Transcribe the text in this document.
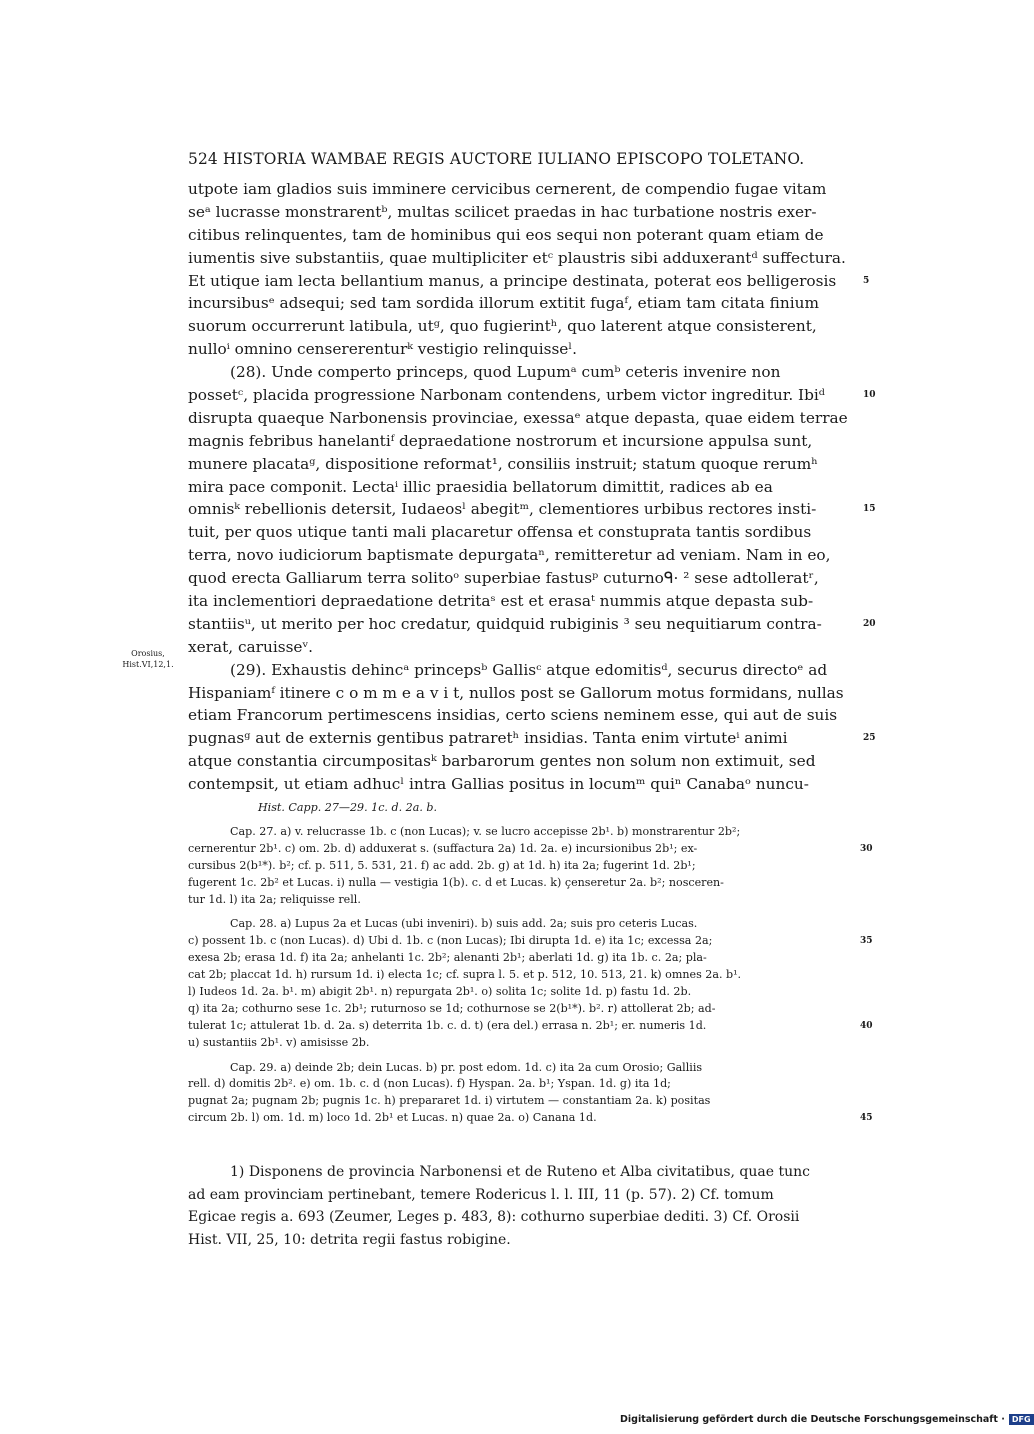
524 HISTORIA WAMBAE REGIS AUCTORE IULIANO EPISCOPO TOLETANO.
utpote iam gladios suis imminere cervicibus cernerent, de compendio fugae vitam
seᵃ lucrasse monstrarentᵇ, multas scilicet praedas in hac turbatione nostris exer-
citibus relinquentes, tam de hominibus qui eos sequi non poterant quam etiam de
iumentis sive substantiis, quae multipliciter etᶜ plaustris sibi adduxerantᵈ suffectura.
Et utique iam lecta bellantium manus, a principe destinata, poterat eos belligerosis	5
incursibusᵉ adsequi; sed tam sordida illorum extitit fugaᶠ, etiam tam citata finium
suorum occurrerunt latibula, utᵍ, quo fugierintʰ, quo laterent atque consisterent,
nulloⁱ omnino censererenturᵏ vestigio relinquisseˡ.
(28). Unde comperto princeps, quod Lupumᵃ cumᵇ ceteris invenire non
possetᶜ, placida progressione Narbonam contendens, urbem victor ingreditur. Ibiᵈ	10
disrupta quaeque Narbonensis provinciae, exessaᵉ atque depasta, quae eidem terrae
magnis febribus hanelantiᶠ depraedatione nostrorum et incursione appulsa sunt,
munere placataᵍ, dispositione reformat¹, consiliis instruit; statum quoque rerumʰ
mira pace componit. Lectaⁱ illic praesidia bellatorum dimittit, radices ab ea
omnisᵏ rebellionis detersit, Iudaeosˡ abegitᵐ, clementiores urbibus rectores insti-	15
tuit, per quos utique tanti mali placaretur offensa et constuprata tantis sordibus
terra, novo iudiciorum baptismate depurgataⁿ, remitteretur ad veniam. Nam in eo,
quod erecta Galliarum terra solitoᵒ superbiae fastusᵖ cuturnoᑫ· ² sese adtolleratʳ,
ita inclementiori depraedatione detritaˢ est et erasaᵗ nummis atque depasta sub-
stantiisᵘ, ut merito per hoc credatur, quidquid rubiginis ³ seu nequitiarum contra-	20
xerat, caruisseᵛ.
(29). Exhaustis dehincᵃ princepsᵇ Gallisᶜ atque edomitisᵈ, securus directoᵉ ad
Hispaniamᶠ itinere c o m m e a v i t, nullos post se Gallorum motus formidans, nullas
etiam Francorum pertimescens insidias, certo sciens neminem esse, qui aut de suis
pugnasᵍ aut de externis gentibus patraretʰ insidias. Tanta enim virtuteⁱ animi	25
atque constantia circumpositasᵏ barbarorum gentes non solum non extimuit, sed
contempsit, ut etiam adhucˡ intra Gallias positus in locumᵐ quiⁿ Canabaᵒ nuncu-
Orosius,
Hist.VI,12,1.
Hist. Capp. 27—29. 1c. d. 2a. b.
Cap. 27. a) v. relucrasse 1b. c (non Lucas); v. se lucro accepisse 2b¹. b) monstrarentur 2b²;
cernerentur 2b¹. c) om. 2b. d) adduxerat s. (suffactura 2a) 1d. 2a. e) incursionibus 2b¹; ex-	30
cursibus 2(b¹*). b²; cf. p. 511, 5. 531, 21. f) ac add. 2b. g) at 1d. h) ita 2a; fugerint 1d. 2b¹;
fugerent 1c. 2b² et Lucas. i) nulla — vestigia 1(b). c. d et Lucas. k) çenseretur 2a. b²; nosceren-
tur 1d. l) ita 2a; reliquisse rell.
Cap. 28. a) Lupus 2a et Lucas (ubi inveniri). b) suis add. 2a; suis pro ceteris Lucas.
c) possent 1b. c (non Lucas). d) Ubi d. 1b. c (non Lucas); Ibi dirupta 1d. e) ita 1c; excessa 2a;	35
exesa 2b; erasa 1d. f) ita 2a; anhelanti 1c. 2b²; alenanti 2b¹; aberlati 1d. g) ita 1b. c. 2a; pla-
cat 2b; placcat 1d. h) rursum 1d. i) electa 1c; cf. supra l. 5. et p. 512, 10. 513, 21. k) omnes 2a. b¹.
l) Iudeos 1d. 2a. b¹. m) abigit 2b¹. n) repurgata 2b¹. o) solita 1c; solite 1d. p) fastu 1d. 2b.
q) ita 2a; cothurno sese 1c. 2b¹; ruturnoso se 1d; cothurnose se 2(b¹*). b². r) attollerat 2b; ad-
tulerat 1c; attulerat 1b. d. 2a. s) deterrita 1b. c. d. t) (era del.) errasa n. 2b¹; er. numeris 1d.	40
u) sustantiis 2b¹. v) amisisse 2b.
Cap. 29. a) deinde 2b; dein Lucas. b) pr. post edom. 1d. c) ita 2a cum Orosio; Galliis
rell. d) domitis 2b². e) om. 1b. c. d (non Lucas). f) Hyspan. 2a. b¹; Yspan. 1d. g) ita 1d;
pugnat 2a; pugnam 2b; pugnis 1c. h) prepararet 1d. i) virtutem — constantiam 2a. k) positas
circum 2b. l) om. 1d. m) loco 1d. 2b¹ et Lucas. n) quae 2a. o) Canana 1d.	45
1) Disponens de provincia Narbonensi et de Ruteno et Alba civitatibus, quae tunc
ad eam provinciam pertinebant, temere Rodericus l. l. III, 11 (p. 57). 2) Cf. tomum
Egicae regis a. 693 (Zeumer, Leges p. 483, 8): cothurno superbiae dediti. 3) Cf. Orosii
Hist. VII, 25, 10: detrita regii fastus robigine.
Digitalisierung gefördert durch die Deutsche Forschungsgemeinschaft · DFG
